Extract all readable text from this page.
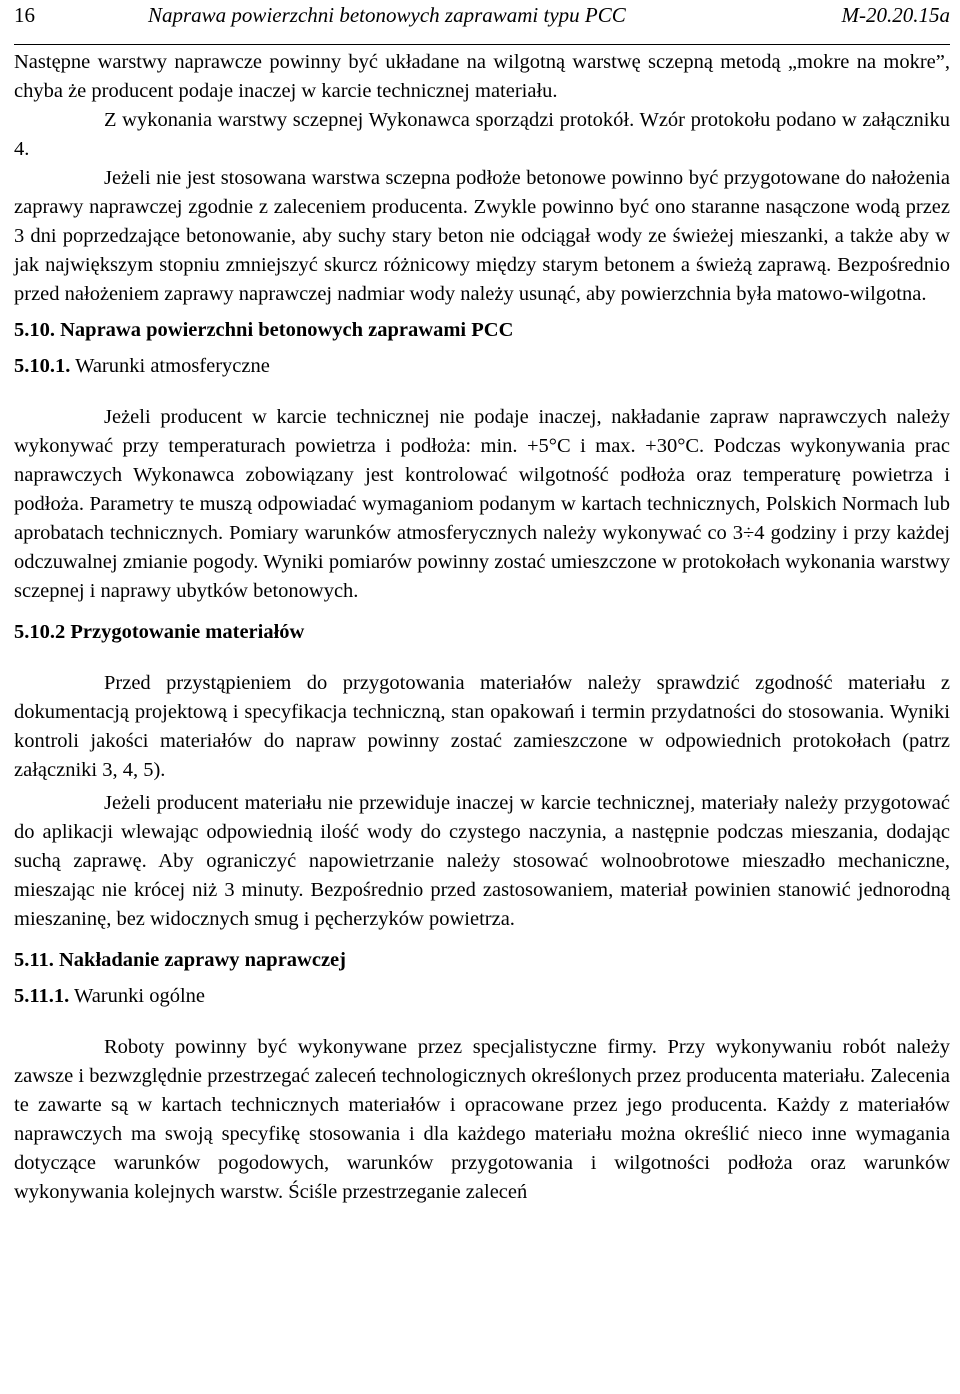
16	Naprawa powierzchni betonowych zaprawami typu PCC	M-20.20.15a

Następne warstwy naprawcze powinny być układane na wilgotną warstwę sczepną metodą „mokre na mokre”, chyba że producent podaje inaczej w karcie technicznej materiału.

Z wykonania warstwy sczepnej Wykonawca sporządzi protokół. Wzór protokołu podano w załączniku 4.

Jeżeli nie jest stosowana warstwa sczepna podłoże betonowe powinno być przygotowane do nałożenia zaprawy naprawczej zgodnie z zaleceniem producenta. Zwykle powinno być ono staranne nasączone wodą przez 3 dni poprzedzające betonowanie, aby suchy stary beton nie odciągał wody ze świeżej mieszanki, a także aby w jak największym stopniu zmniejszyć skurcz różnicowy między starym betonem a świeżą zaprawą. Bezpośrednio przed nałożeniem zaprawy naprawczej nadmiar wody należy usunąć, aby powierzchnia była matowo-wilgotna.

5.10. Naprawa powierzchni betonowych zaprawami PCC

5.10.1. Warunki atmosferyczne

Jeżeli producent w karcie technicznej nie podaje inaczej, nakładanie zapraw naprawczych należy wykonywać przy temperaturach powietrza i podłoża: min. +5°C i max. +30°C. Podczas wykonywania prac naprawczych Wykonawca zobowiązany jest kontrolować wilgotność podłoża oraz temperaturę powietrza i podłoża. Parametry te muszą odpowiadać wymaganiom podanym w kartach technicznych, Polskich Normach lub aprobatach technicznych. Pomiary warunków atmosferycznych należy wykonywać co 3÷4 godziny i przy każdej odczuwalnej zmianie pogody. Wyniki pomiarów powinny zostać umieszczone w protokołach wykonania warstwy sczepnej i naprawy ubytków betonowych.

5.10.2 Przygotowanie materiałów

Przed przystąpieniem do przygotowania materiałów należy sprawdzić zgodność materiału z dokumentacją projektową i specyfikacja techniczną, stan opakowań i termin przydatności do stosowania. Wyniki kontroli jakości materiałów do napraw powinny zostać zamieszczone w odpowiednich protokołach (patrz załączniki 3, 4, 5).

Jeżeli producent materiału nie przewiduje inaczej w karcie technicznej, materiały należy przygotować do aplikacji wlewając odpowiednią ilość wody do czystego naczynia, a następnie podczas mieszania, dodając suchą zaprawę. Aby ograniczyć napowietrzanie należy stosować wolnoobrotowe mieszadło mechaniczne, mieszając nie krócej niż 3 minuty. Bezpośrednio przed zastosowaniem, materiał powinien stanowić jednorodną mieszaninę, bez widocznych smug i pęcherzyków powietrza.

5.11. Nakładanie zaprawy naprawczej

5.11.1. Warunki ogólne

Roboty powinny być wykonywane przez specjalistyczne firmy. Przy wykonywaniu robót należy zawsze i bezwzględnie przestrzegać zaleceń technologicznych określonych przez producenta materiału. Zalecenia te zawarte są w kartach technicznych materiałów i opracowane przez jego producenta. Każdy z materiałów naprawczych ma swoją specyfikę stosowania i dla każdego materiału można określić nieco inne wymagania dotyczące warunków pogodowych, warunków przygotowania i wilgotności podłoża oraz warunków wykonywania kolejnych warstw. Ściśle przestrzeganie zaleceń
